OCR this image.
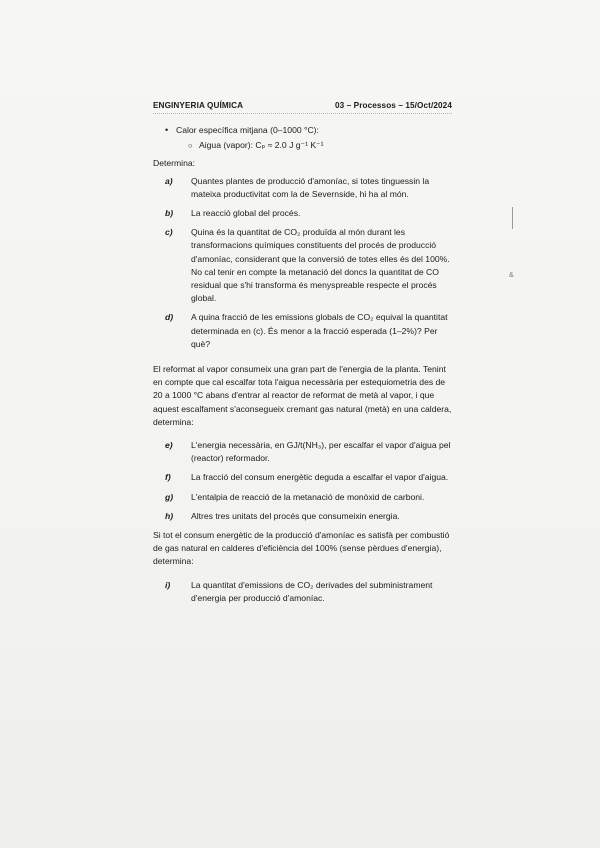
ENGINYERIA QUÍMICA	03 – Processos – 15/Oct/2024
• Calor específica mitjana (0–1000 °C):
○ Aigua (vapor): Cₚ ≈ 2.0 J g⁻¹ K⁻¹
Determina:
a)	Quantes plantes de producció d'amoníac, si totes tinguessin la mateixa productivitat com la de Severnside, hi ha al món.
b)	La reacció global del procés.
c)	Quina és la quantitat de CO₂ produïda al món durant les transformacions químiques constituents del procés de producció d'amoníac, considerant que la conversió de totes elles és del 100%. No cal tenir en compte la metanació del doncs la quantitat de CO residual que s'hi transforma és menyspreable respecte el procés global.
d)	A quina fracció de les emissions globals de CO₂ equival la quantitat determinada en (c). És menor a la fracció esperada (1–2%)? Per què?
El reformat al vapor consumeix una gran part de l'energia de la planta. Tenint en compte que cal escalfar tota l'aigua necessària per estequiometria des de 20 a 1000 °C abans d'entrar al reactor de reformat de metà al vapor, i que aquest escalfament s'aconsegueix cremant gas natural (metà) en una caldera, determina:
e)	L'energia necessària, en GJ/t(NH₃), per escalfar el vapor d'aigua pel (reactor) reformador.
f)	La fracció del consum energètic deguda a escalfar el vapor d'aigua.
g)	L'entalpia de reacció de la metanació de monòxid de carboni.
h)	Altres tres unitats del procés que consumeixin energia.
Si tot el consum energètic de la producció d'amoníac es satisfà per combustió de gas natural en calderes d'eficiència del 100% (sense pèrdues d'energia), determina:
i)	La quantitat d'emissions de CO₂ derivades del subministrament d'energia per producció d'amoníac.
&
